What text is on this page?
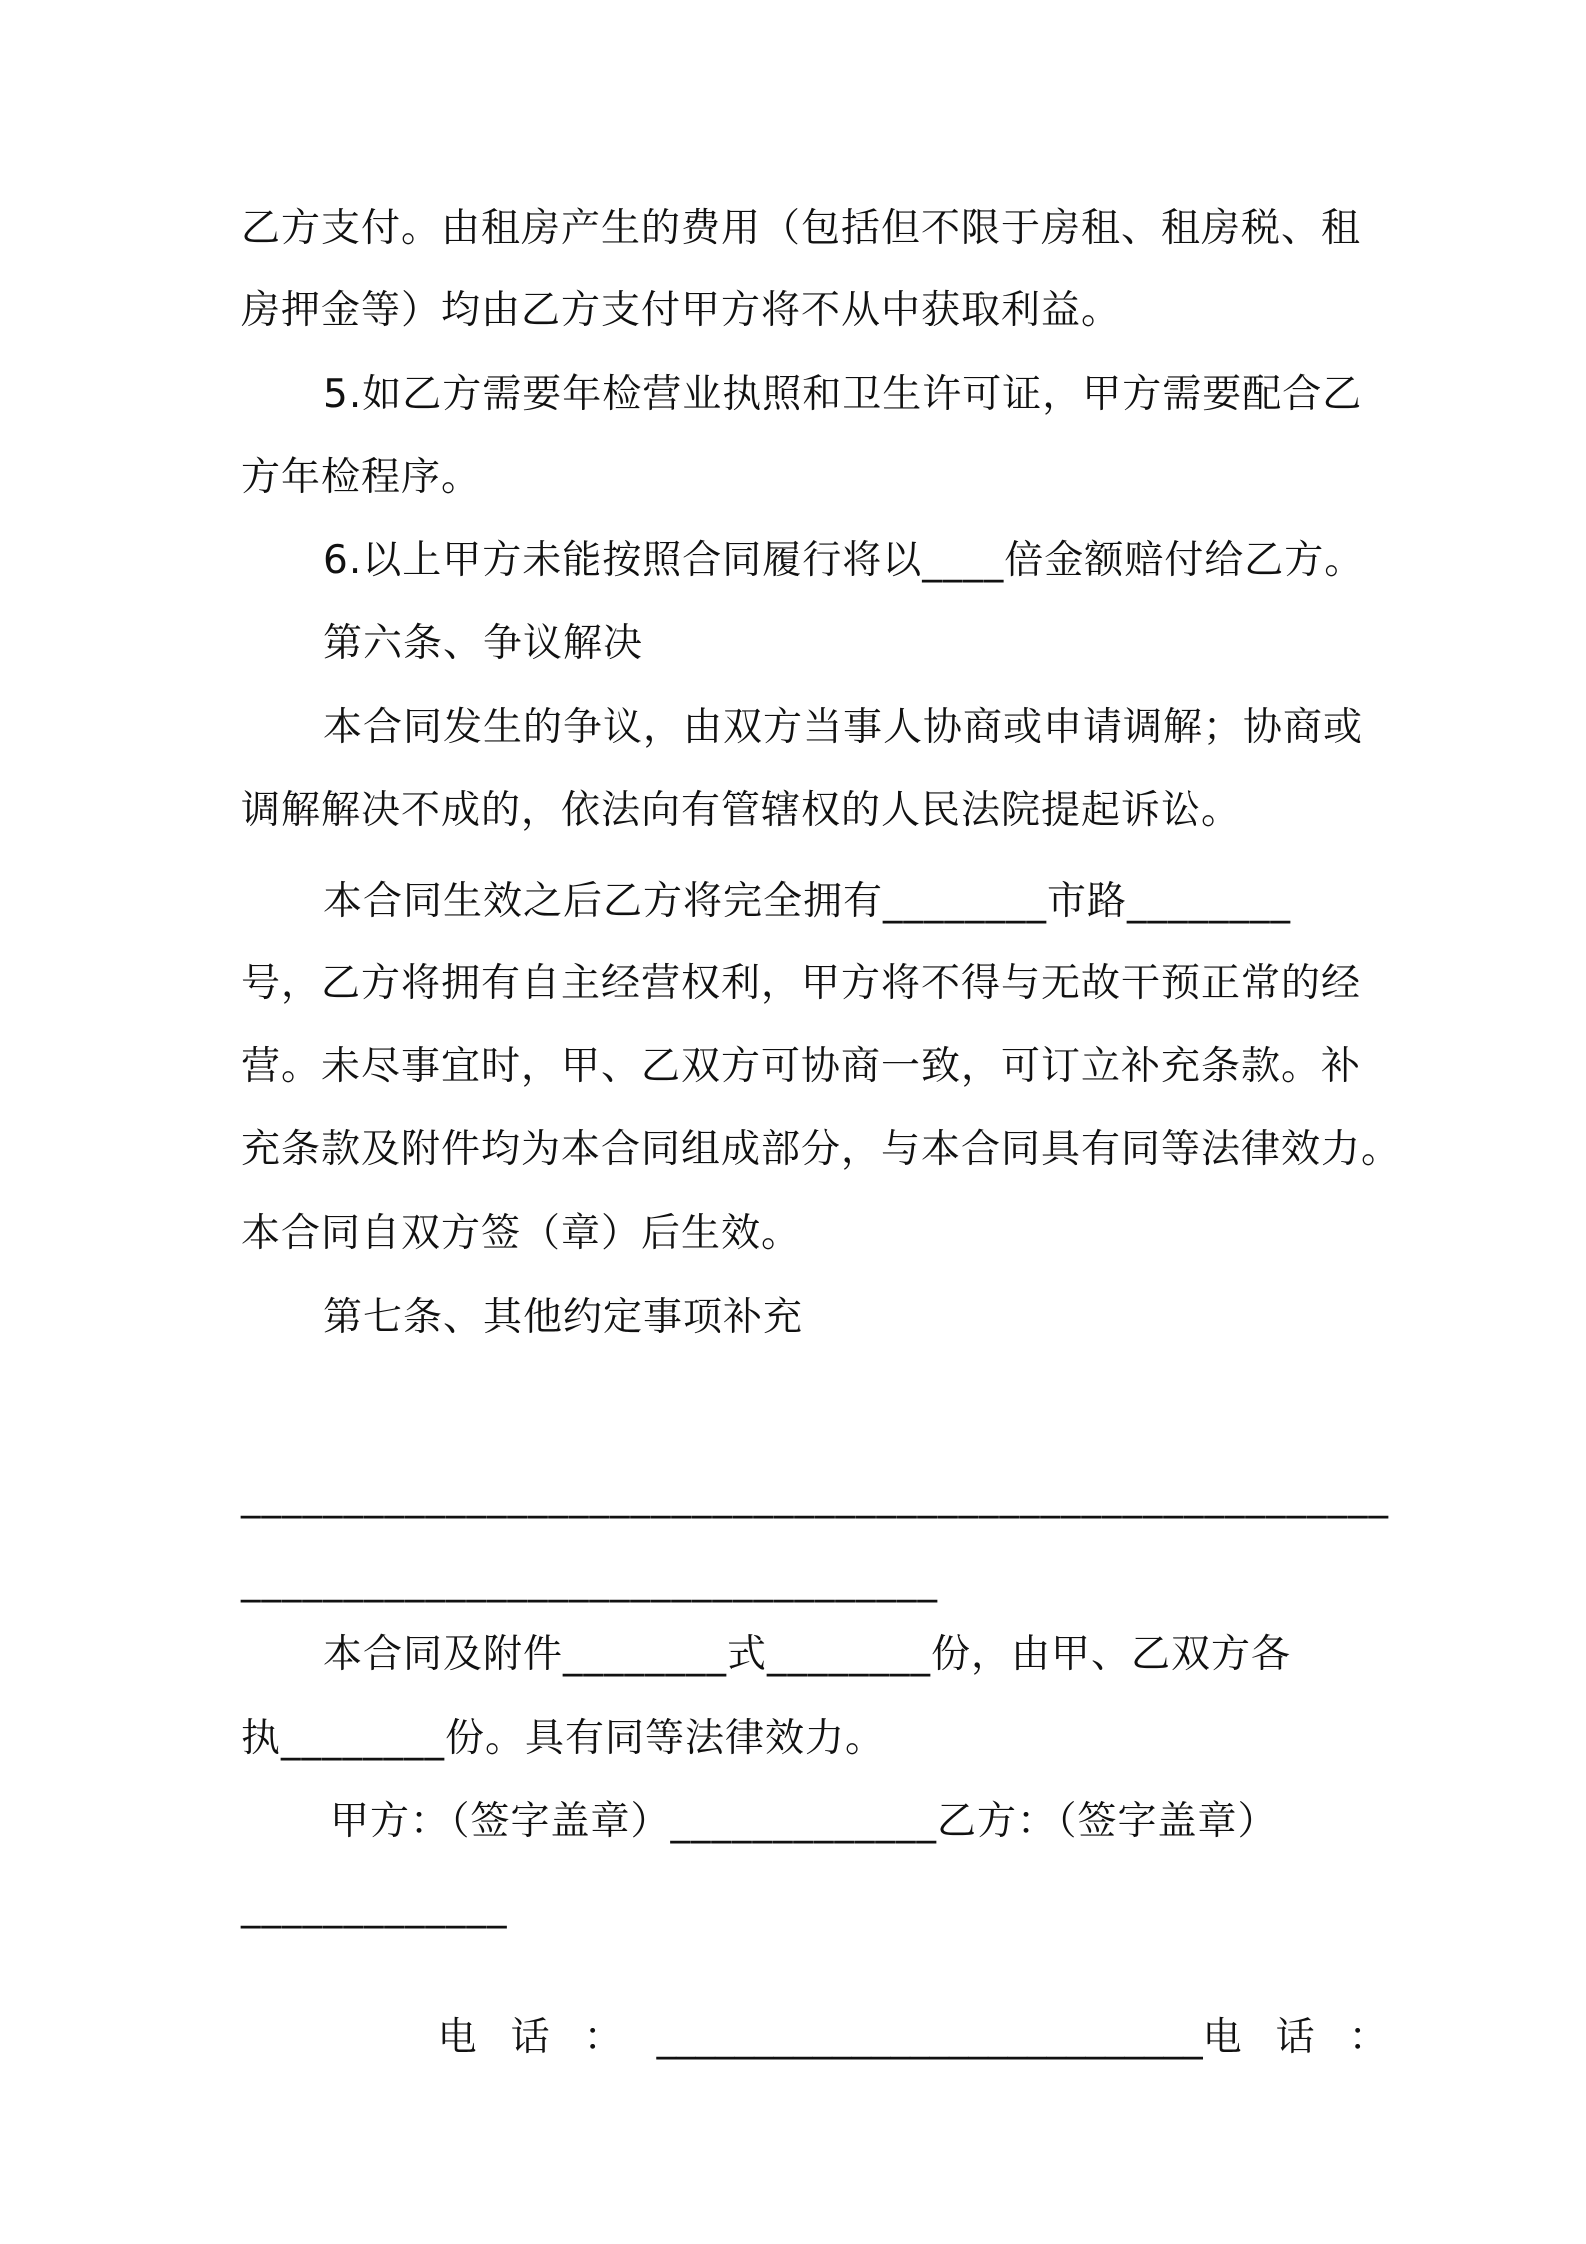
乙方支付。由租房产生的费用（包括但不限于房租、租房税、租
房押金等）均由乙方支付甲方将不从中获取利益。
5.如乙方需要年检营业执照和卫生许可证，甲方需要配合乙
方年检程序。
6.以上甲方未能按照合同履行将以____倍金额赔付给乙方。
第六条、争议解决
本合同发生的争议，由双方当事人协商或申请调解；协商或
调解解决不成的，依法向有管辖权的人民法院提起诉讼。
本合同生效之后乙方将完全拥有________市路________
号，乙方将拥有自主经营权利，甲方将不得与无故干预正常的经
营。未尽事宜时，甲、乙双方可协商一致，可订立补充条款。补
充条款及附件均为本合同组成部分，与本合同具有同等法律效力。
本合同自双方签（章）后生效。
第七条、其他约定事项补充
________________________________________________________
__________________________________
本合同及附件________式________份，由甲、乙双方各
执________份。具有同等法律效力。
甲方：（签字盖章）_____________乙方：（签字盖章）
_____________

电话：____________________________电话：
